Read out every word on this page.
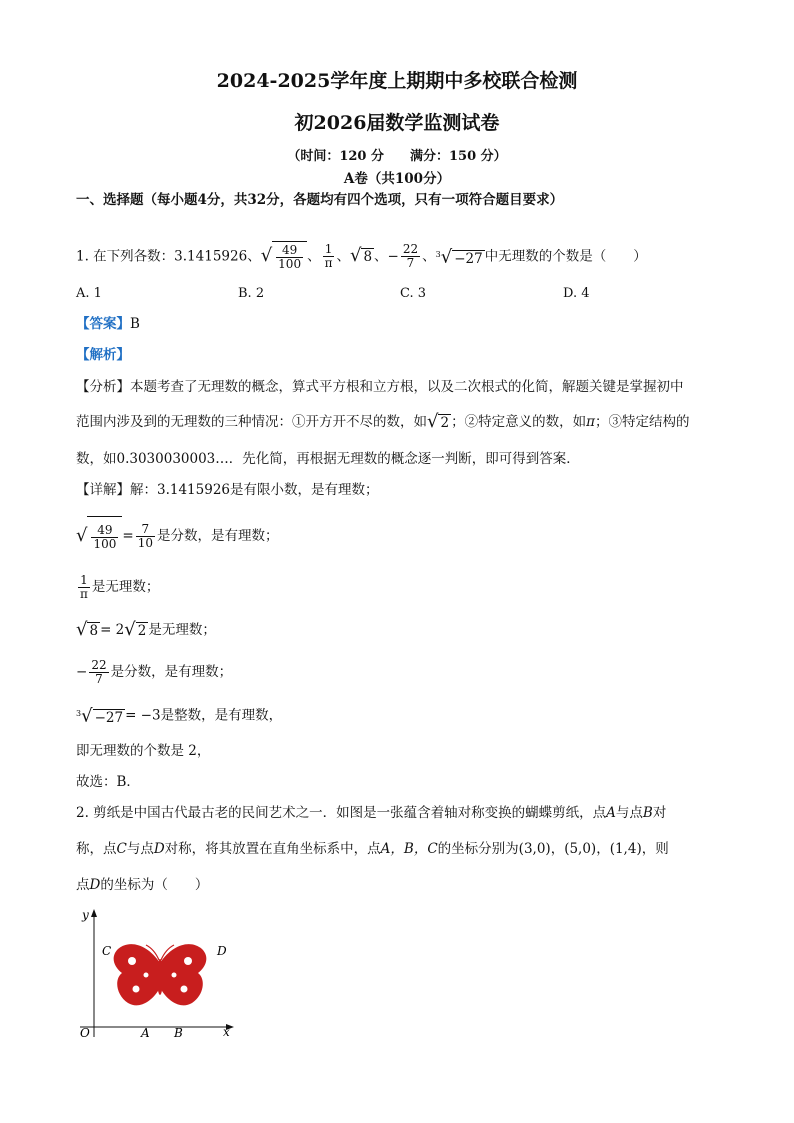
2024-2025学年度上期期中多校联合检测
初2026届数学监测试卷
（时间：120 分　　满分：150 分）
A卷（共100分）
一、选择题（每小题4分，共32分，各题均有四个选项，只有一项符合题目要求）
1. 在下列各数：3.1415926、√ $\frac{49}{100}$ 、 $\frac{1}{\pi}$ 、√ 8 、− $\frac{22}{7}$ 、$^3$√ −27 中无理数的个数是（　　）
A. 1	B. 2	C. 3	D. 4
【答案】B
【解析】
【分析】本题考查了无理数的概念，算式平方根和立方根，以及二次根式的化简，解题关键是掌握初中
范围内涉及到的无理数的三种情况：①开方开不尽的数，如√ 2 ；②特定意义的数，如π；③特定结构的
数，如0.3030030003…．先化简，再根据无理数的概念逐一判断，即可得到答案．
【详解】解：3.1415926是有限小数，是有理数；
√ $\frac{49}{100} = \frac{7}{10}$ 是分数，是有理数；
$\frac{1}{\pi}$ 是无理数；
√ 8 = 2√ 2 是无理数；
− $\frac{22}{7}$ 是分数，是有理数；
$^3$√ −27 = −3是整数，是有理数，
即无理数的个数是 2，
故选：B．
2. 剪纸是中国古代最古老的民间艺术之一．如图是一张蕴含着轴对称变换的蝴蝶剪纸，点A与点B对
称，点C与点D对称，将其放置在直角坐标系中，点A，B，C的坐标分别为(3,0)，(5,0)，(1,4)，则
点D的坐标为（　　）
y
x
O	A B
C	D
